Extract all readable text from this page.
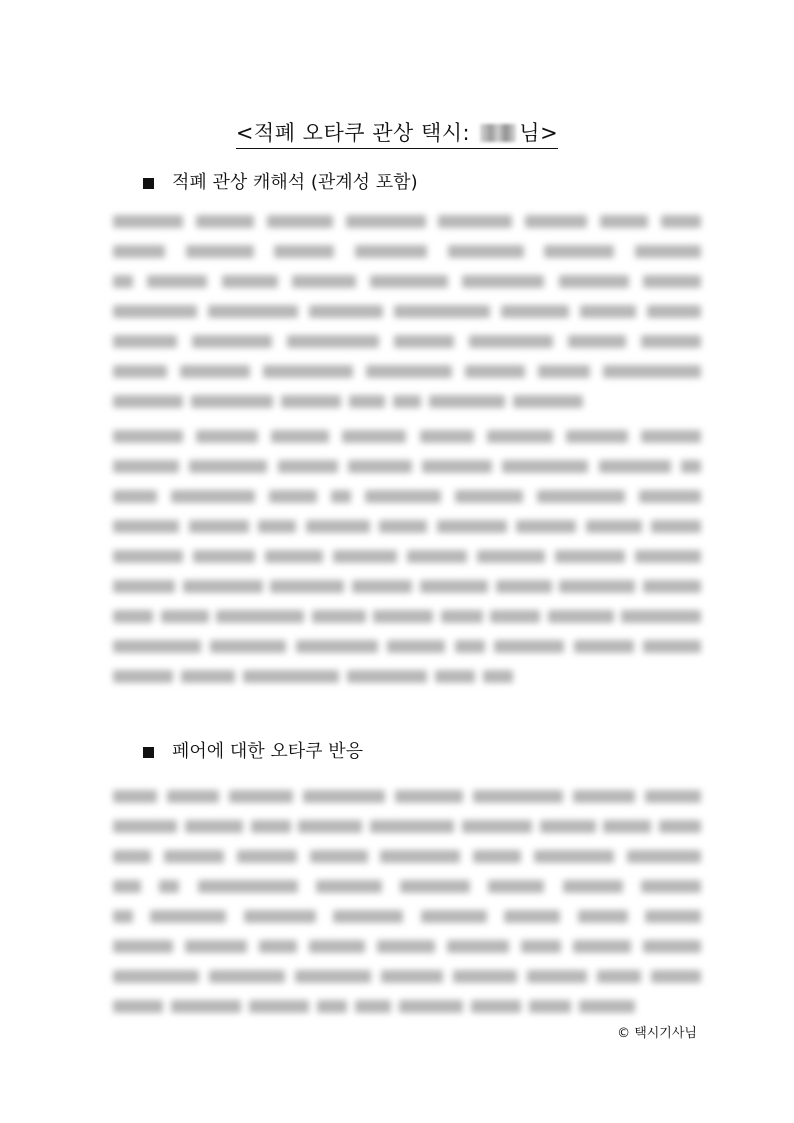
<적폐 오타쿠 관상 택시: 님>
적폐 관상 캐해석 (관계성 포함)
페어에 대한 오타쿠 반응
© 택시기사님
